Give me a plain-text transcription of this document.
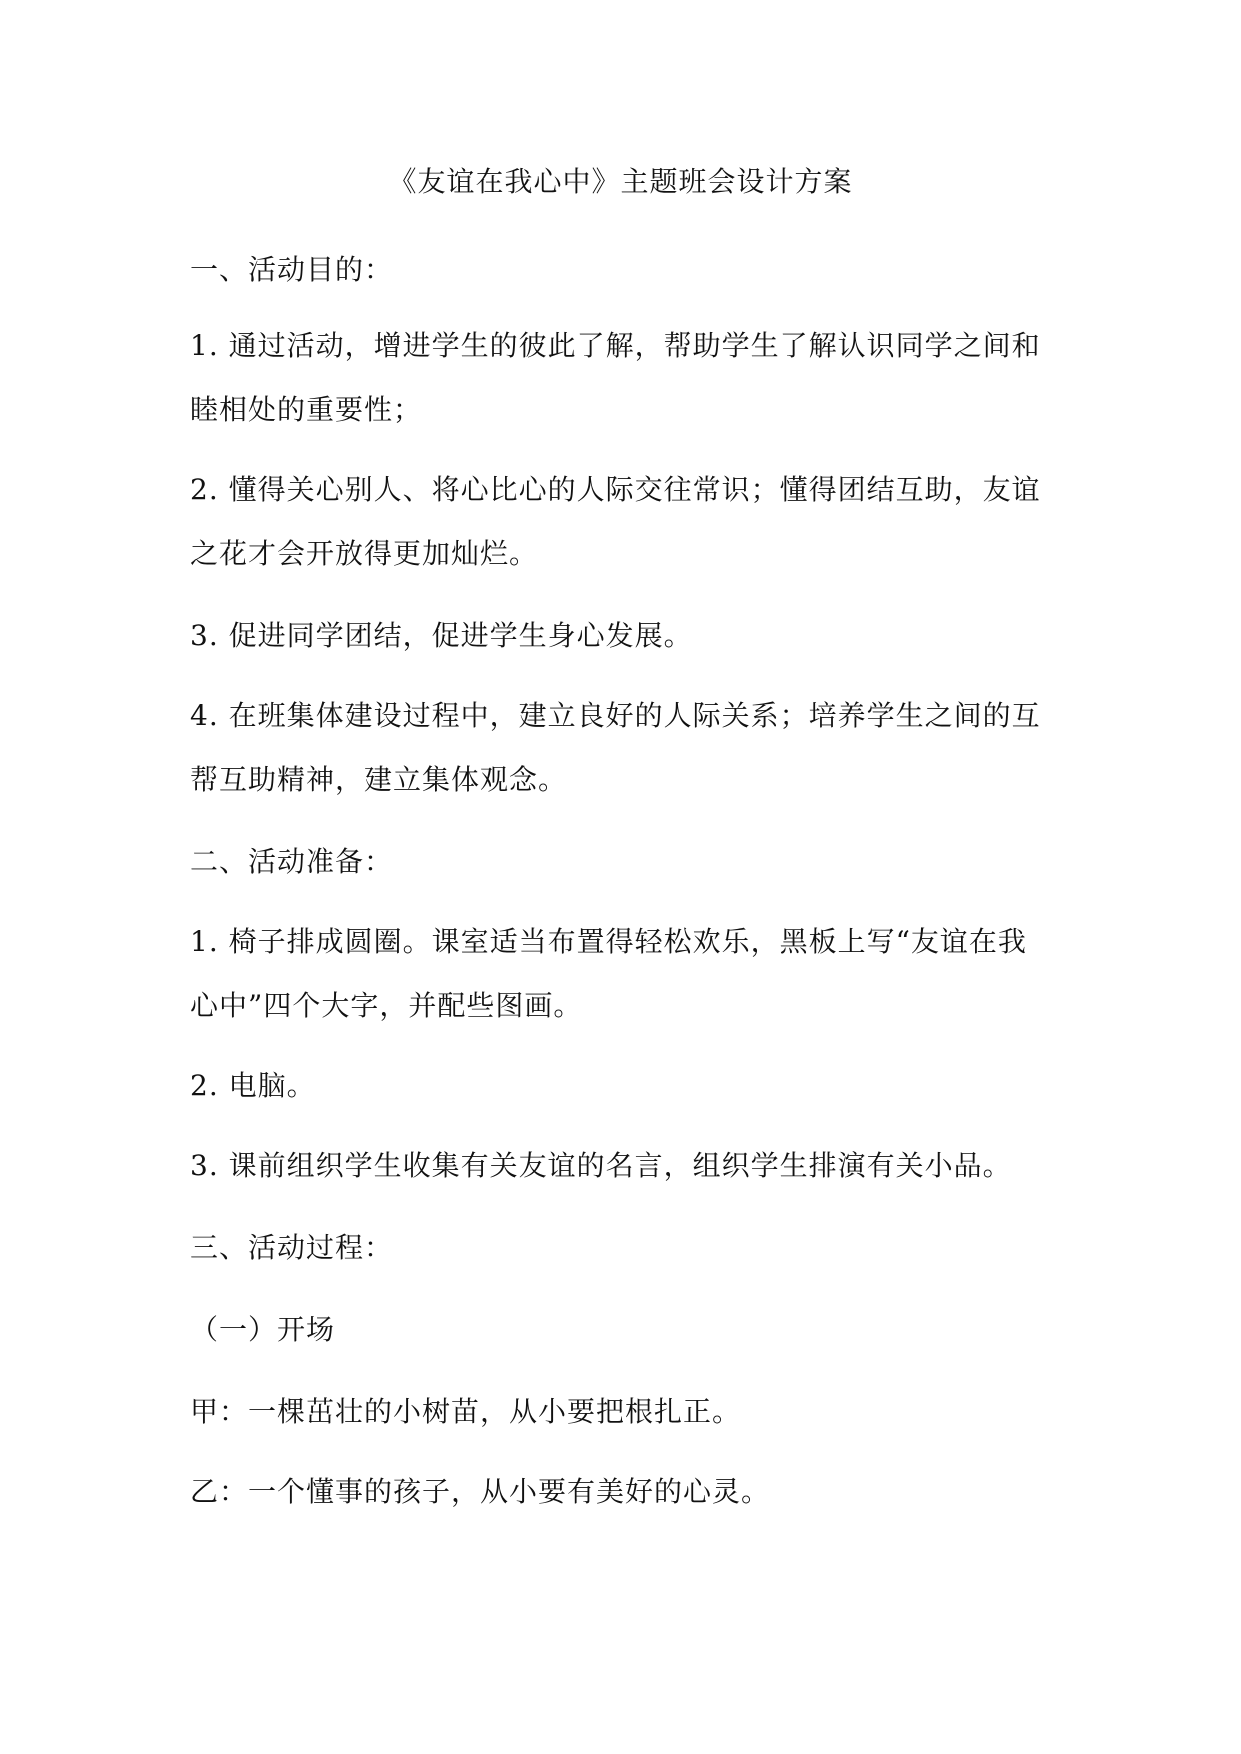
《友谊在我心中》主题班会设计方案
一、活动目的：
1. 通过活动，增进学生的彼此了解，帮助学生了解认识同学之间和
睦相处的重要性；
2. 懂得关心别人、将心比心的人际交往常识；懂得团结互助，友谊
之花才会开放得更加灿烂。
3. 促进同学团结，促进学生身心发展。
4. 在班集体建设过程中，建立良好的人际关系；培养学生之间的互
帮互助精神，建立集体观念。
二、活动准备：
1. 椅子排成圆圈。课室适当布置得轻松欢乐，黑板上写“友谊在我
心中”四个大字，并配些图画。
2. 电脑。
3. 课前组织学生收集有关友谊的名言，组织学生排演有关小品。
三、活动过程：
（一）开场
甲：一棵茁壮的小树苗，从小要把根扎正。
乙：一个懂事的孩子，从小要有美好的心灵。
